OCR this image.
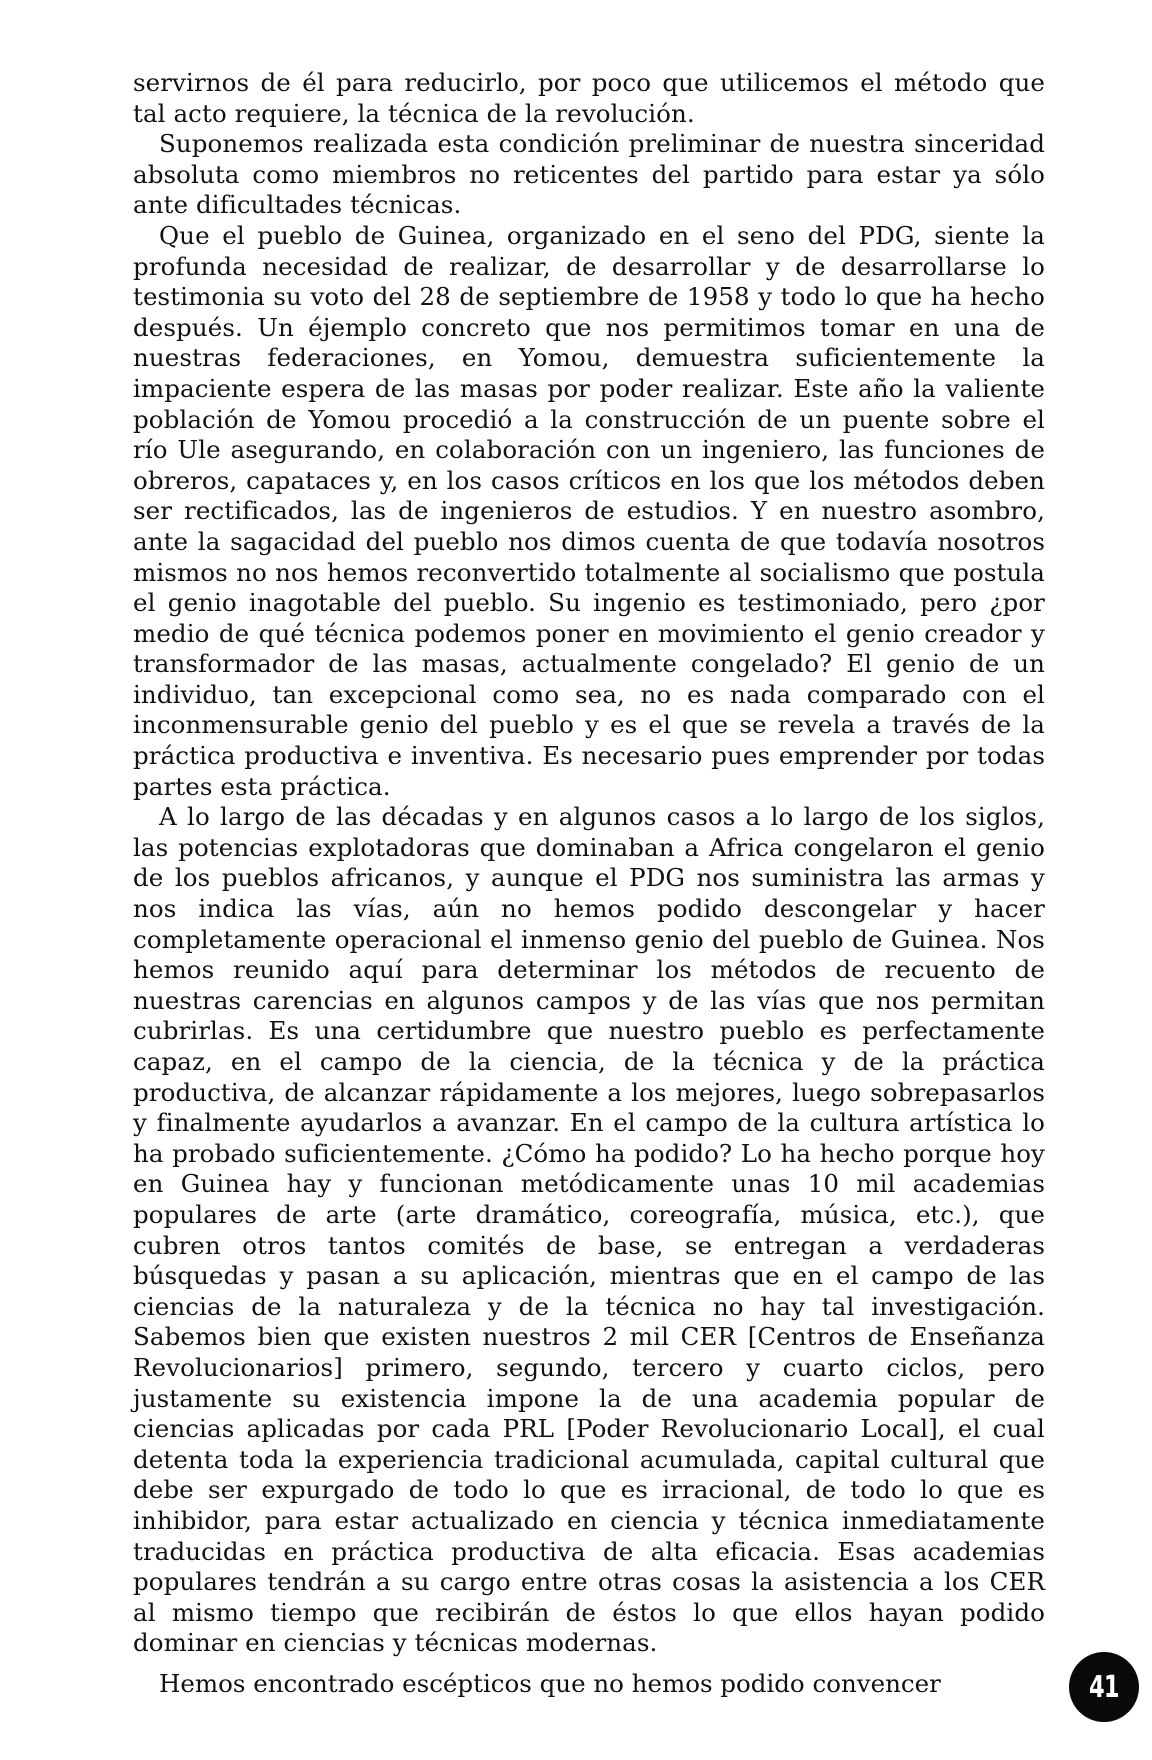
servirnos de él para reducirlo, por poco que utilicemos el método que tal acto requiere, la técnica de la revolución.

Suponemos realizada esta condición preliminar de nuestra sinceridad absoluta como miembros no reticentes del partido para estar ya sólo ante dificultades técnicas.

Que el pueblo de Guinea, organizado en el seno del PDG, siente la profunda necesidad de realizar, de desarrollar y de desarrollarse lo testimonia su voto del 28 de septiembre de 1958 y todo lo que ha hecho después. Un éjemplo concreto que nos permitimos tomar en una de nuestras federaciones, en Yomou, demuestra suficientemente la impaciente espera de las masas por poder realizar. Este año la valiente población de Yomou procedió a la construcción de un puente sobre el río Ule asegurando, en colaboración con un ingeniero, las funciones de obreros, capataces y, en los casos críticos en los que los métodos deben ser rectificados, las de ingenieros de estudios. Y en nuestro asombro, ante la sagacidad del pueblo nos dimos cuenta de que todavía nosotros mismos no nos hemos reconvertido totalmente al socialismo que postula el genio inagotable del pueblo. Su ingenio es testimoniado, pero ¿por medio de qué técnica podemos poner en movimiento el genio creador y transformador de las masas, actualmente congelado? El genio de un individuo, tan excepcional como sea, no es nada comparado con el inconmensurable genio del pueblo y es el que se revela a través de la práctica productiva e inventiva. Es necesario pues emprender por todas partes esta práctica.

A lo largo de las décadas y en algunos casos a lo largo de los siglos, las potencias explotadoras que dominaban a Africa congelaron el genio de los pueblos africanos, y aunque el PDG nos suministra las armas y nos indica las vías, aún no hemos podido descongelar y hacer completamente operacional el inmenso genio del pueblo de Guinea. Nos hemos reunido aquí para determinar los métodos de recuento de nuestras carencias en algunos campos y de las vías que nos permitan cubrirlas. Es una certidumbre que nuestro pueblo es perfectamente capaz, en el campo de la ciencia, de la técnica y de la práctica productiva, de alcanzar rápidamente a los mejores, luego sobrepasarlos y finalmente ayudarlos a avanzar. En el campo de la cultura artística lo ha probado suficientemente. ¿Cómo ha podido? Lo ha hecho porque hoy en Guinea hay y funcionan metódicamente unas 10 mil academias populares de arte (arte dramático, coreografía, música, etc.), que cubren otros tantos comités de base, se entregan a verdaderas búsquedas y pasan a su aplicación, mientras que en el campo de las ciencias de la naturaleza y de la técnica no hay tal investigación. Sabemos bien que existen nuestros 2 mil CER [Centros de Enseñanza Revolucionarios] primero, segundo, tercero y cuarto ciclos, pero justamente su existencia impone la de una academia popular de ciencias aplicadas por cada PRL [Poder Revolucionario Local], el cual detenta toda la experiencia tradicional acumulada, capital cultural que debe ser expurgado de todo lo que es irracional, de todo lo que es inhibidor, para estar actualizado en ciencia y técnica inmediatamente traducidas en práctica productiva de alta eficacia. Esas academias populares tendrán a su cargo entre otras cosas la asistencia a los CER al mismo tiempo que recibirán de éstos lo que ellos hayan podido dominar en ciencias y técnicas modernas.

Hemos encontrado escépticos que no hemos podido convencer	41
